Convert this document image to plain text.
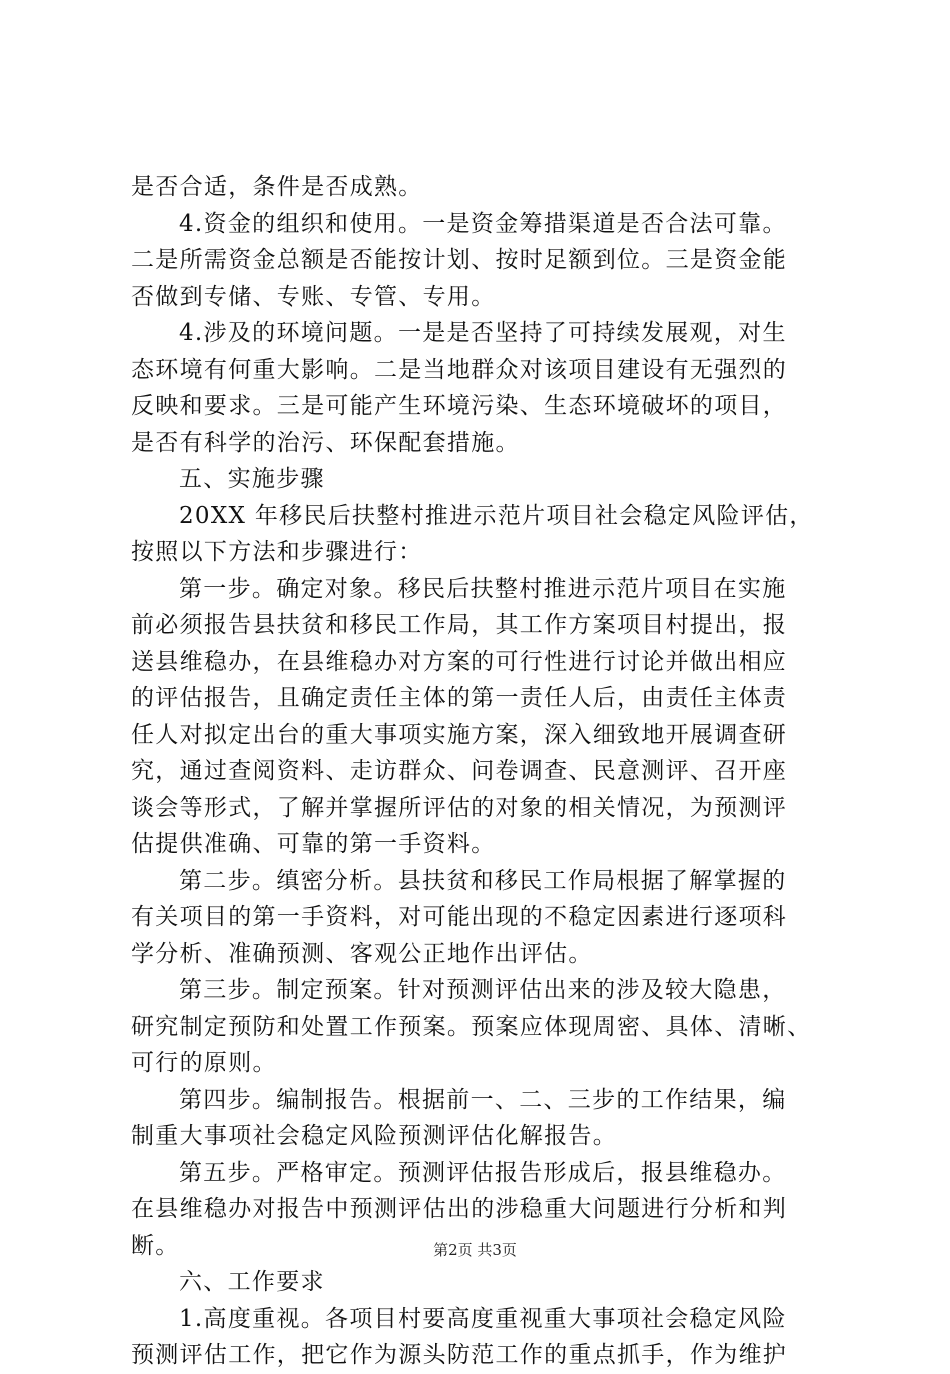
是否合适，条件是否成熟。
4.资金的组织和使用。一是资金筹措渠道是否合法可靠。
二是所需资金总额是否能按计划、按时足额到位。三是资金能
否做到专储、专账、专管、专用。
4.涉及的环境问题。一是是否坚持了可持续发展观，对生
态环境有何重大影响。二是当地群众对该项目建设有无强烈的
反映和要求。三是可能产生环境污染、生态环境破坏的项目，
是否有科学的治污、环保配套措施。
五、实施步骤
20XX 年移民后扶整村推进示范片项目社会稳定风险评估，
按照以下方法和步骤进行：
第一步。确定对象。移民后扶整村推进示范片项目在实施
前必须报告县扶贫和移民工作局，其工作方案项目村提出，报
送县维稳办，在县维稳办对方案的可行性进行讨论并做出相应
的评估报告，且确定责任主体的第一责任人后，由责任主体责
任人对拟定出台的重大事项实施方案，深入细致地开展调查研
究，通过查阅资料、走访群众、问卷调查、民意测评、召开座
谈会等形式，了解并掌握所评估的对象的相关情况，为预测评
估提供准确、可靠的第一手资料。
第二步。缜密分析。县扶贫和移民工作局根据了解掌握的
有关项目的第一手资料，对可能出现的不稳定因素进行逐项科
学分析、准确预测、客观公正地作出评估。
第三步。制定预案。针对预测评估出来的涉及较大隐患，
研究制定预防和处置工作预案。预案应体现周密、具体、清晰、
可行的原则。
第四步。编制报告。根据前一、二、三步的工作结果，编
制重大事项社会稳定风险预测评估化解报告。
第五步。严格审定。预测评估报告形成后，报县维稳办。
在县维稳办对报告中预测评估出的涉稳重大问题进行分析和判
断。
六、工作要求
1.高度重视。各项目村要高度重视重大事项社会稳定风险
预测评估工作，把它作为源头防范工作的重点抓手，作为维护
第2页 共3页
